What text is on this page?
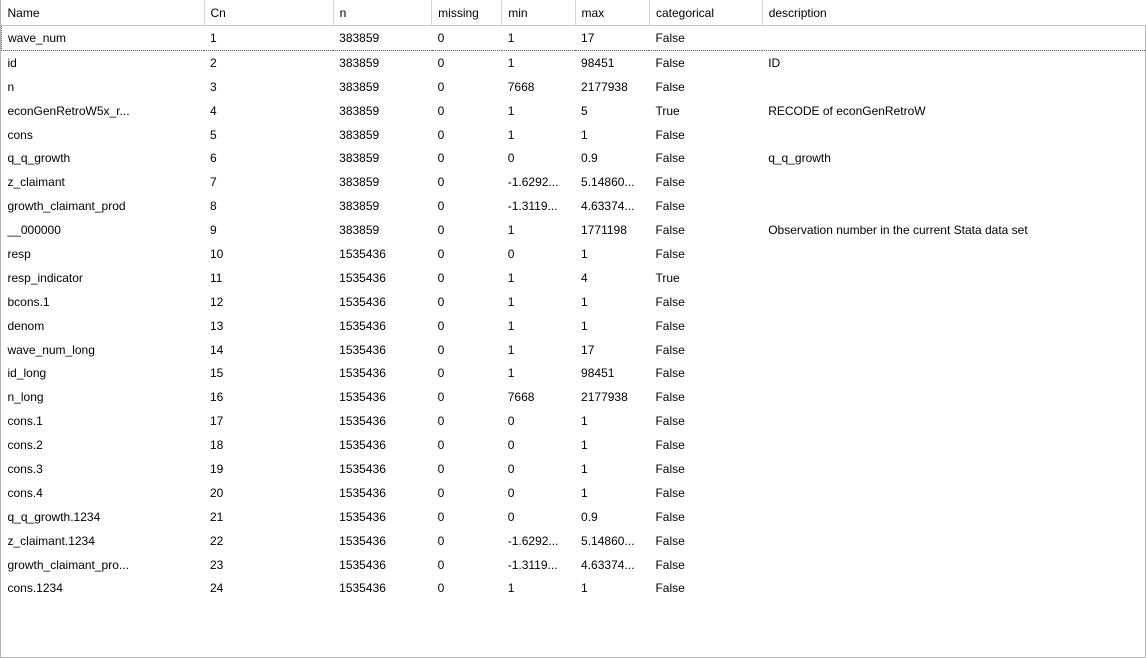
Name	Cn	n	missing	min	max	categorical	description
wave_num	1	383859	0	1	17	False	
id	2	383859	0	1	98451	False	ID
n	3	383859	0	7668	2177938	False	
econGenRetroW5x_r...	4	383859	0	1	5	True	RECODE of econGenRetroW
cons	5	383859	0	1	1	False	
q_q_growth	6	383859	0	0	0.9	False	q_q_growth
z_claimant	7	383859	0	-1.6292...	5.14860...	False	
growth_claimant_prod	8	383859	0	-1.3119...	4.63374...	False	
__000000	9	383859	0	1	1771198	False	Observation number in the current Stata data set
resp	10	1535436	0	0	1	False	
resp_indicator	11	1535436	0	1	4	True	
bcons.1	12	1535436	0	1	1	False	
denom	13	1535436	0	1	1	False	
wave_num_long	14	1535436	0	1	17	False	
id_long	15	1535436	0	1	98451	False	
n_long	16	1535436	0	7668	2177938	False	
cons.1	17	1535436	0	0	1	False	
cons.2	18	1535436	0	0	1	False	
cons.3	19	1535436	0	0	1	False	
cons.4	20	1535436	0	0	1	False	
q_q_growth.1234	21	1535436	0	0	0.9	False	
z_claimant.1234	22	1535436	0	-1.6292...	5.14860...	False	
growth_claimant_pro...	23	1535436	0	-1.3119...	4.63374...	False	
cons.1234	24	1535436	0	1	1	False	
